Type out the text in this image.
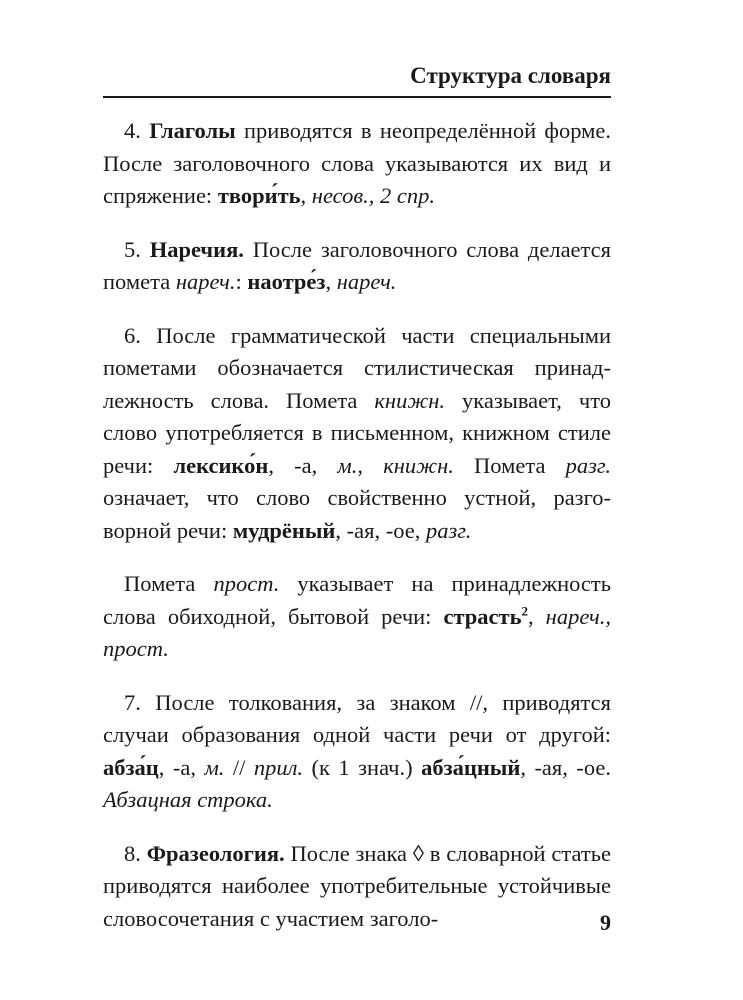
Структура словаря

4. Глаголы приводятся в неопределённой форме. После заголовочного слова указываются их вид и спряжение: твори́ть, несов., 2 спр.

5. Наречия. После заголовочного слова делается помета нареч.: наотре́з, нареч.

6. После грамматической части специальными пометами обозначается стилистическая принадлежность слова. Помета книжн. указывает, что слово употребляется в письменном, книжном стиле речи: лексико́н, -а, м., книжн. Помета разг. означает, что слово свойственно устной, разговорной речи: мудрёный, -ая, -ое, разг.

Помета прост. указывает на принадлежность слова обиходной, бытовой речи: страсть$^2$, нареч., прост.

7. После толкования, за знаком //, приводятся случаи образования одной части речи от другой: абза́ц, -а, м. // прил. (к 1 знач.) абза́цный, -ая, -ое. Абзацная строка.

8. Фразеология. После знака ◊ в словарной статье приводятся наиболее употребительные устойчивые словосочетания с участием заголо-	9
